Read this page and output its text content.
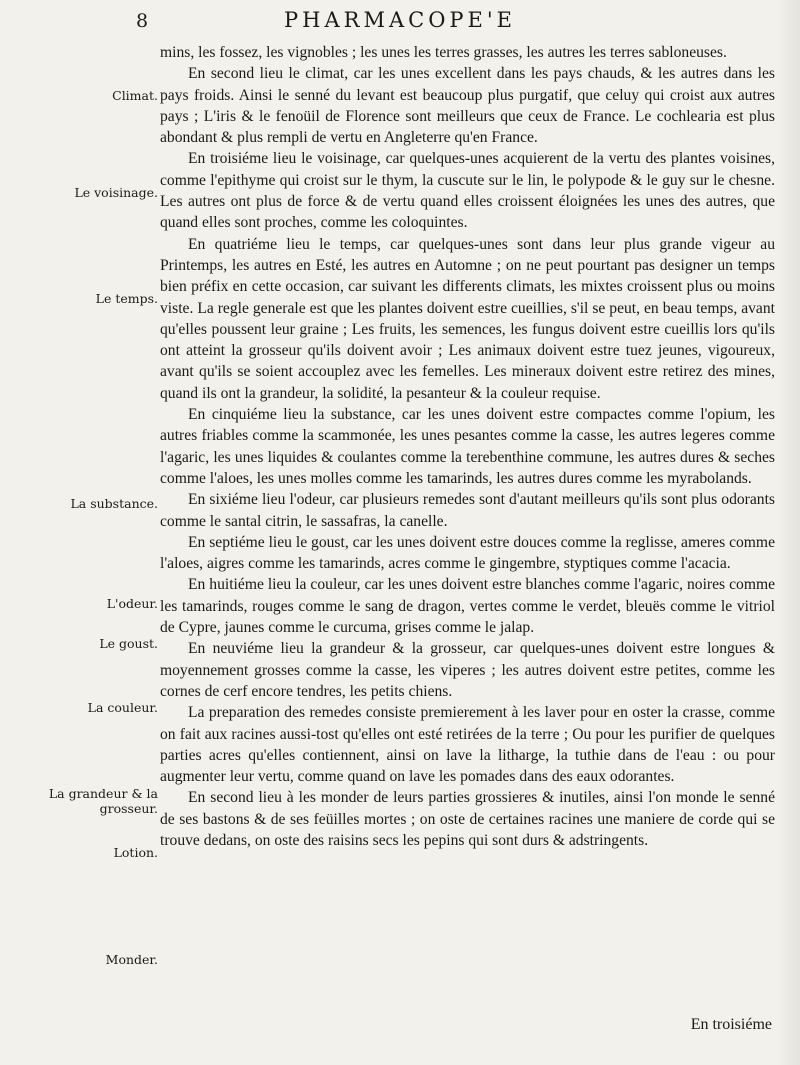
8	PHARMACOPE'E
Climat.
Le voisinage.
Le temps.
La substance.
L'odeur.
Le goust.
La couleur.
La grandeur & la grosseur.
Lotion.
Monder.

mins, les fossez, les vignobles ; les unes les terres grasses, les autres les terres sabloneuses.

En second lieu le climat, car les unes excellent dans les pays chauds, & les autres dans les pays froids. Ainsi le senné du levant est beaucoup plus purgatif, que celuy qui croist aux autres pays ; L'iris & le fenoüil de Florence sont meilleurs que ceux de France. Le cochlearia est plus abondant & plus rempli de vertu en Angleterre qu'en France.

En troisiéme lieu le voisinage, car quelques-unes acquierent de la vertu des plantes voisines, comme l'epithyme qui croist sur le thym, la cuscute sur le lin, le polypode & le guy sur le chesne. Les autres ont plus de force & de vertu quand elles croissent éloignées les unes des autres, que quand elles sont proches, comme les coloquintes.

En quatriéme lieu le temps, car quelques-unes sont dans leur plus grande vigeur au Printemps, les autres en Esté, les autres en Automne ; on ne peut pourtant pas designer un temps bien préfix en cette occasion, car suivant les differents climats, les mixtes croissent plus ou moins viste. La regle generale est que les plantes doivent estre cueillies, s'il se peut, en beau temps, avant qu'elles poussent leur graine ; Les fruits, les semences, les fungus doivent estre cueillis lors qu'ils ont atteint la grosseur qu'ils doivent avoir ; Les animaux doivent estre tuez jeunes, vigoureux, avant qu'ils se soient accouplez avec les femelles. Les mineraux doivent estre retirez des mines, quand ils ont la grandeur, la solidité, la pesanteur & la couleur requise.

En cinquiéme lieu la substance, car les unes doivent estre compactes comme l'opium, les autres friables comme la scammonée, les unes pesantes comme la casse, les autres legeres comme l'agaric, les unes liquides & coulantes comme la terebenthine commune, les autres dures & seches comme l'aloes, les unes molles comme les tamarinds, les autres dures comme les myrabolands.

En sixiéme lieu l'odeur, car plusieurs remedes sont d'autant meilleurs qu'ils sont plus odorants comme le santal citrin, le sassafras, la canelle.

En septiéme lieu le goust, car les unes doivent estre douces comme la reglisse, ameres comme l'aloes, aigres comme les tamarinds, acres comme le gingembre, styptiques comme l'acacia.

En huitiéme lieu la couleur, car les unes doivent estre blanches comme l'agaric, noires comme les tamarinds, rouges comme le sang de dragon, vertes comme le verdet, bleuës comme le vitriol de Cypre, jaunes comme le curcuma, grises comme le jalap.

En neuviéme lieu la grandeur & la grosseur, car quelques-unes doivent estre longues & moyennement grosses comme la casse, les viperes ; les autres doivent estre petites, comme les cornes de cerf encore tendres, les petits chiens.

La preparation des remedes consiste premierement à les laver pour en oster la crasse, comme on fait aux racines aussi-tost qu'elles ont esté retirées de la terre ; Ou pour les purifier de quelques parties acres qu'elles contiennent, ainsi on lave la litharge, la tuthie dans de l'eau : ou pour augmenter leur vertu, comme quand on lave les pomades dans des eaux odorantes.

En second lieu à les monder de leurs parties grossieres & inutiles, ainsi l'on monde le senné de ses bastons & de ses feüilles mortes ; on oste de certaines racines une maniere de corde qui se trouve dedans, on oste des raisins secs les pepins qui sont durs & adstringents.

En troisiéme
